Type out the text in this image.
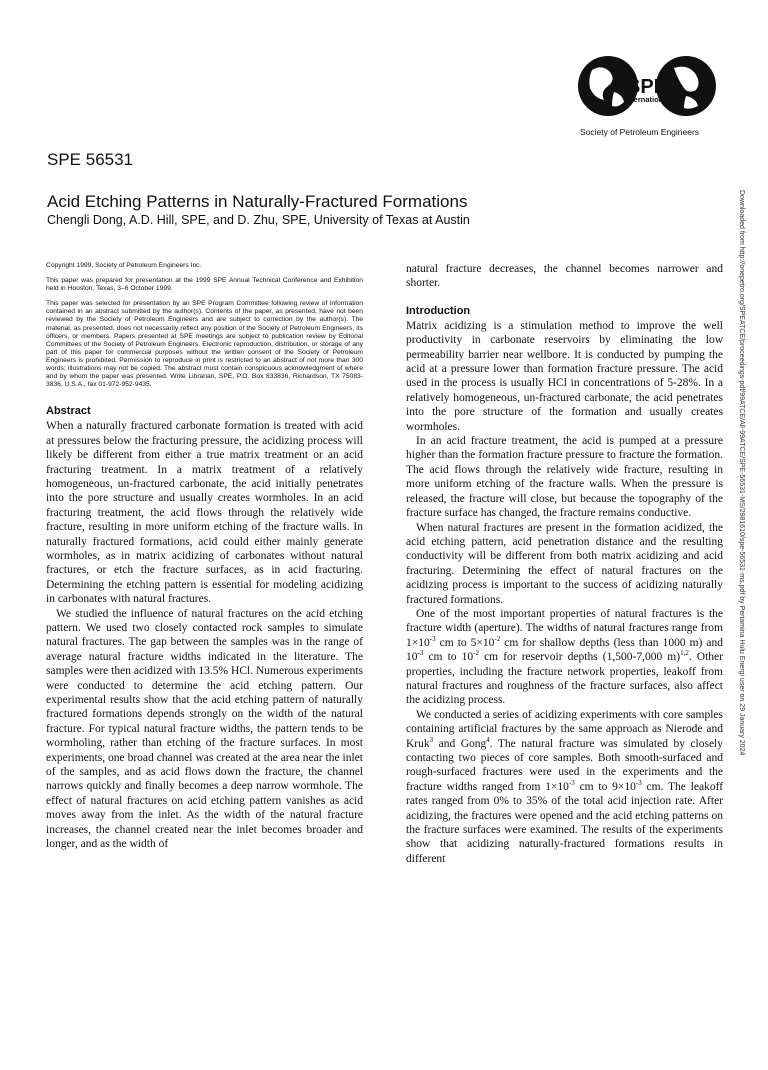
SPE
International
Society of Petroleum Engineers
SPE 56531
Acid Etching Patterns in Naturally-Fractured Formations
Chengli Dong, A.D. Hill, SPE, and D. Zhu, SPE, University of Texas at Austin

Copyright 1999, Society of Petroleum Engineers Inc.

This paper was prepared for presentation at the 1999 SPE Annual Technical Conference and Exhibition held in Houston, Texas, 3–6 October 1999.

This paper was selected for presentation by an SPE Program Committee following review of information contained in an abstract submitted by the author(s). Contents of the paper, as presented, have not been reviewed by the Society of Petroleum Engineers and are subject to correction by the author(s). The material, as presented, does not necessarily reflect any position of the Society of Petroleum Engineers, its officers, or members. Papers presented at SPE meetings are subject to publication review by Editorial Committees of the Society of Petroleum Engineers. Electronic reproduction, distribution, or storage of any part of this paper for commercial purposes without the written consent of the Society of Petroleum Engineers is prohibited. Permission to reproduce in print is restricted to an abstract of not more than 300 words; illustrations may not be copied. The abstract must contain conspicuous acknowledgment of where and by whom the paper was presented. Write Librarian, SPE, P.O. Box 833836, Richardson, TX 75083-3836, U.S.A., fax 01-972-952-9435.

Abstract

When a naturally fractured carbonate formation is treated with acid at pressures below the fracturing pressure, the acidizing process will likely be different from either a true matrix treatment or an acid fracturing treatment. In a matrix treatment of a relatively homogeneous, un-fractured carbonate, the acid initially penetrates into the pore structure and usually creates wormholes. In an acid fracturing treatment, the acid flows through the relatively wide fracture, resulting in more uniform etching of the fracture walls. In naturally fractured formations, acid could either mainly generate wormholes, as in matrix acidizing of carbonates without natural fractures, or etch the fracture surfaces, as in acid fracturing. Determining the etching pattern is essential for modeling acidizing in carbonates with natural fractures.

We studied the influence of natural fractures on the acid etching pattern. We used two closely contacted rock samples to simulate natural fractures. The gap between the samples was in the range of average natural fracture widths indicated in the literature. The samples were then acidized with 13.5% HCl. Numerous experiments were conducted to determine the acid etching pattern. Our experimental results show that the acid etching pattern of naturally fractured formations depends strongly on the width of the natural fracture. For typical natural fracture widths, the pattern tends to be wormholing, rather than etching of the fracture surfaces. In most experiments, one broad channel was created at the area near the inlet of the samples, and as acid flows down the fracture, the channel narrows quickly and finally becomes a deep narrow wormhole. The effect of natural fractures on acid etching pattern vanishes as acid moves away from the inlet. As the width of the natural fracture increases, the channel created near the inlet becomes broader and longer, and as the width of

natural fracture decreases, the channel becomes narrower and shorter.

Introduction

Matrix acidizing is a stimulation method to improve the well productivity in carbonate reservoirs by eliminating the low permeability barrier near wellbore. It is conducted by pumping the acid at a pressure lower than formation fracture pressure. The acid used in the process is usually HCl in concentrations of 5-28%. In a relatively homogeneous, un-fractured carbonate, the acid penetrates into the pore structure of the formation and usually creates wormholes.

In an acid fracture treatment, the acid is pumped at a pressure higher than the formation fracture pressure to fracture the formation. The acid flows through the relatively wide fracture, resulting in more uniform etching of the fracture walls. When the pressure is released, the fracture will close, but because the topography of the fracture surface has changed, the fracture remains conductive.

When natural fractures are present in the formation acidized, the acid etching pattern, acid penetration distance and the resulting conductivity will be different from both matrix acidizing and acid fracturing. Determining the effect of natural fractures on the acidizing process is important to the success of acidizing naturally fractured formations.

One of the most important properties of natural fractures is the fracture width (aperture). The widths of natural fractures range from $1\times 10^{-3}$ cm to $5\times 10^{-2}$ cm for shallow depths (less than 1000 m) and $10^{-3}$ cm to $10^{-2}$ cm for reservoir depths (1,500-7,000 m)$^{1,2}$. Other properties, including the fracture network properties, leakoff from natural fractures and roughness of the fracture surfaces, also affect the acidizing process.

We conducted a series of acidizing experiments with core samples containing artificial fractures by the same approach as Nierode and Kruk$^3$ and Gong$^4$. The natural fracture was simulated by closely contacting two pieces of core samples. Both smooth-surfaced and rough-surfaced fractures were used in the experiments and the fracture widths ranged from $1\times 10^{-3}$ cm to $9\times 10^{-3}$ cm. The leakoff rates ranged from 0% to 35% of the total acid injection rate. After acidizing, the fractures were opened and the acid etching patterns on the fracture surfaces were examined. The results of the experiments show that acidizing naturally-fractured formations results in different

Downloaded from http://onepetro.org/SPEATCE/proceedings-pdf/99ATCE/All-99ATCE/SPE-56531-MS/2981610/spe-56531-ms.pdf by Pertamina Hulu Energi user on 29 January 2024
